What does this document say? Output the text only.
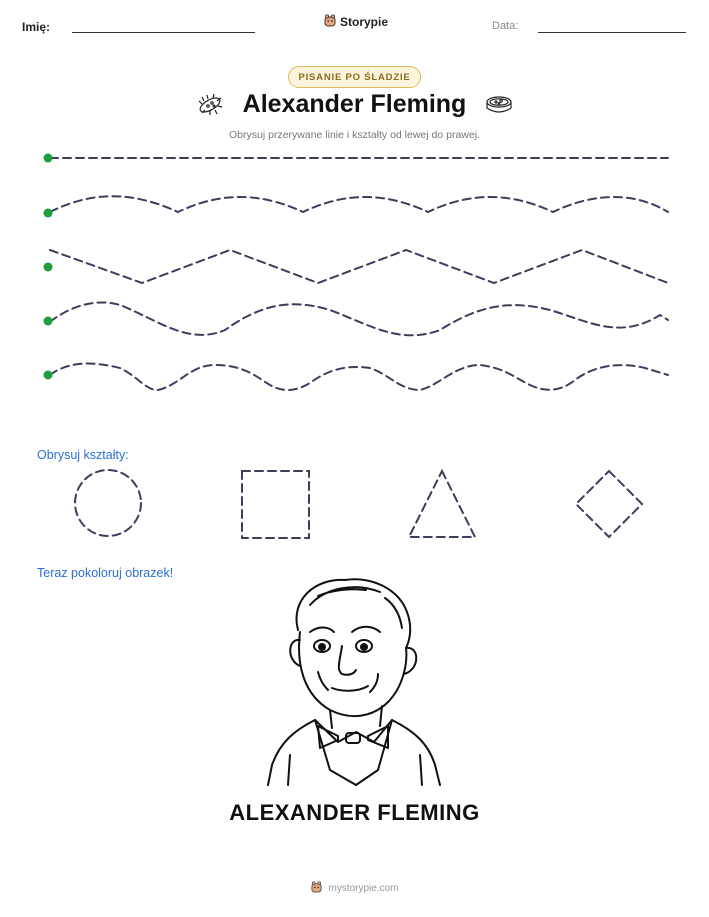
Imię:	Storypie	Data:
PISANIE PO ŚLADZIE
Alexander Fleming
Obrysuj przerywane linie i kształty od lewej do prawej.
Obrysuj kształty:
Teraz pokoloruj obrazek!
ALEXANDER FLEMING
mystorypie.com
